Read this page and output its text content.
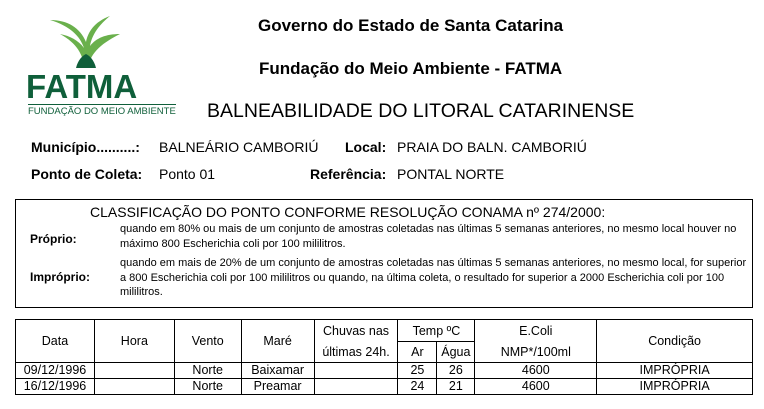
FATMA
FUNDAÇÃO DO MEIO AMBIENTE
Governo do Estado de Santa Catarina
Fundação do Meio Ambiente - FATMA
BALNEABILIDADE DO LITORAL CATARINENSE
Município..........: BALNEÁRIO CAMBORIÚ Local: PRAIA DO BALN. CAMBORIÚ
Ponto de Coleta: Ponto 01	Referência: PONTAL NORTE
CLASSIFICAÇÃO DO PONTO CONFORME RESOLUÇÃO CONAMA nº 274/2000:
Próprio:
quando em 80% ou mais de um conjunto de amostras coletadas nas últimas 5 semanas anteriores, no mesmo local houver no máximo 800 Escherichia coli por 100 mililitros.
Impróprio:
quando em mais de 20% de um conjunto de amostras coletadas nas últimas 5 semanas anteriores, no mesmo local, for superior a 800 Escherichia coli por 100 mililitros ou quando, na última coleta, o resultado for superior a 2000 Escherichia coli por 100 mililitros.
Data	Hora	Vento	Maré	Chuvas nas	Temp ºC		E.Coli	Condição
				últimas 24h.	Ar	Água	NMP*/100ml	
09/12/1996		Norte	Baixamar		25	26	4600	IMPRÓPRIA
16/12/1996		Norte	Preamar		24	21	4600	IMPRÓPRIA
